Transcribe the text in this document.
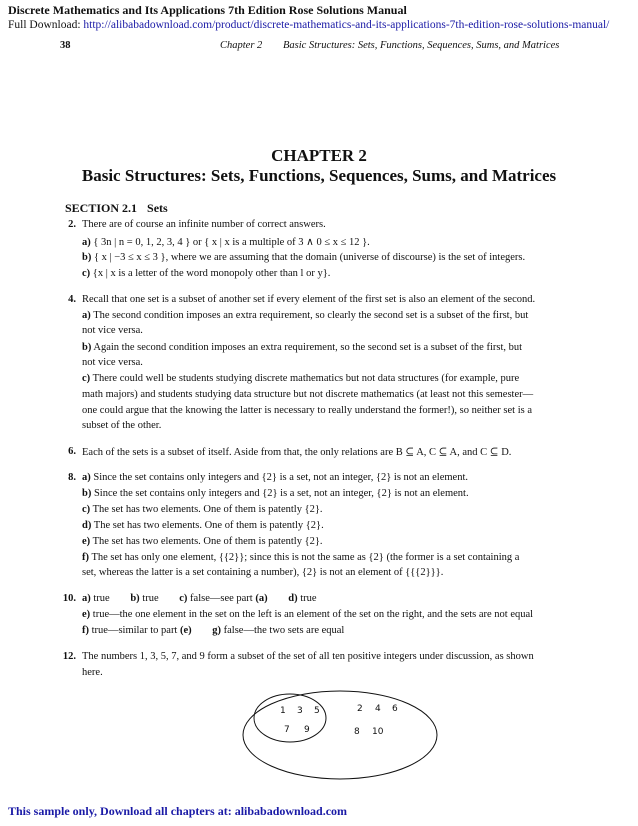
Discrete Mathematics and Its Applications 7th Edition Rose Solutions Manual
Full Download: http://alibabadownload.com/product/discrete-mathematics-and-its-applications-7th-edition-rose-solutions-manual/
38	Chapter 2 Basic Structures: Sets, Functions, Sequences, Sums, and Matrices
CHAPTER 2
Basic Structures: Sets, Functions, Sequences, Sums, and Matrices
SECTION 2.1 Sets
2. There are of course an infinite number of correct answers.
a) { 3n | n = 0, 1, 2, 3, 4 } or { x | x is a multiple of 3 ∧ 0 ≤ x ≤ 12 }.
b) { x | −3 ≤ x ≤ 3 }, where we are assuming that the domain (universe of discourse) is the set of integers.
c) {x | x is a letter of the word monopoly other than l or y}.
4. Recall that one set is a subset of another set if every element of the first set is also an element of the second.
a) The second condition imposes an extra requirement, so clearly the second set is a subset of the first, but
not vice versa.
b) Again the second condition imposes an extra requirement, so the second set is a subset of the first, but
not vice versa.
c) There could well be students studying discrete mathematics but not data structures (for example, pure
math majors) and students studying data structure but not discrete mathematics (at least not this semester—
one could argue that the knowing the latter is necessary to really understand the former!), so neither set is a
subset of the other.
6. Each of the sets is a subset of itself. Aside from that, the only relations are B ⊆ A, C ⊆ A, and C ⊆ D.
8. a) Since the set contains only integers and {2} is a set, not an integer, {2} is not an element.
b) Since the set contains only integers and {2} is a set, not an integer, {2} is not an element.
c) The set has two elements. One of them is patently {2}.
d) The set has two elements. One of them is patently {2}.
e) The set has two elements. One of them is patently {2}.
f) The set has only one element, {{2}}; since this is not the same as {2} (the former is a set containing a
set, whereas the latter is a set containing a number), {2} is not an element of {{{2}}}.
10. a) true b) true c) false—see part (a) d) true
e) true—the one element in the set on the left is an element of the set on the right, and the sets are not equal
f) true—similar to part (e) g) false—the two sets are equal
12. The numbers 1, 3, 5, 7, and 9 form a subset of the set of all ten positive integers under discussion, as shown
here.
1 3 5
7 9
2 4 6
8 10
This sample only, Download all chapters at: alibabadownload.com
